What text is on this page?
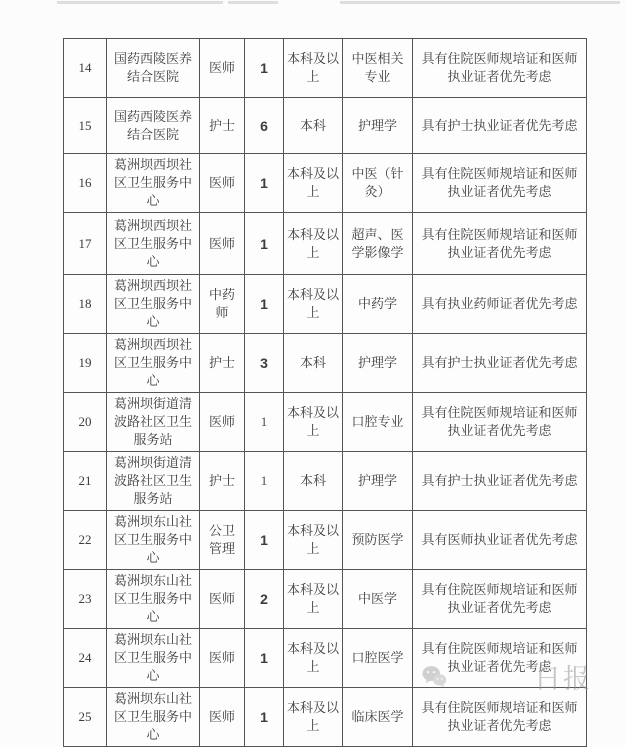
14	国药西陵医养结合医院	医师	1	本科及以上	中医相关专业	具有住院医师规培证和医师执业证者优先考虑
15	国药西陵医养结合医院	护士	6	本科	护理学	具有护士执业证者优先考虑
16	葛洲坝西坝社区卫生服务中心	医师	1	本科及以上	中医（针灸）	具有住院医师规培证和医师执业证者优先考虑
17	葛洲坝西坝社区卫生服务中心	医师	1	本科及以上	超声、医学影像学	具有住院医师规培证和医师执业证者优先考虑
18	葛洲坝西坝社区卫生服务中心	中药师	1	本科及以上	中药学	具有执业药师证者优先考虑
19	葛洲坝西坝社区卫生服务中心	护士	3	本科	护理学	具有护士执业证者优先考虑
20	葛洲坝街道清波路社区卫生服务站	医师	1	本科及以上	口腔专业	具有住院医师规培证和医师执业证者优先考虑
21	葛洲坝街道清波路社区卫生服务站	护士	1	本科	护理学	具有护士执业证者优先考虑
22	葛洲坝东山社区卫生服务中心	公卫管理	1	本科及以上	预防医学	具有医师执业证者优先考虑
23	葛洲坝东山社区卫生服务中心	医师	2	本科及以上	中医学	具有住院医师规培证和医师执业证者优先考虑
24	葛洲坝东山社区卫生服务中心	医师	1	本科及以上	口腔医学	具有住院医师规培证和医师执业证者优先考虑
25	葛洲坝东山社区卫生服务中心	医师	1	本科及以上	临床医学	具有住院医师规培证和医师执业证者优先考虑
日报
